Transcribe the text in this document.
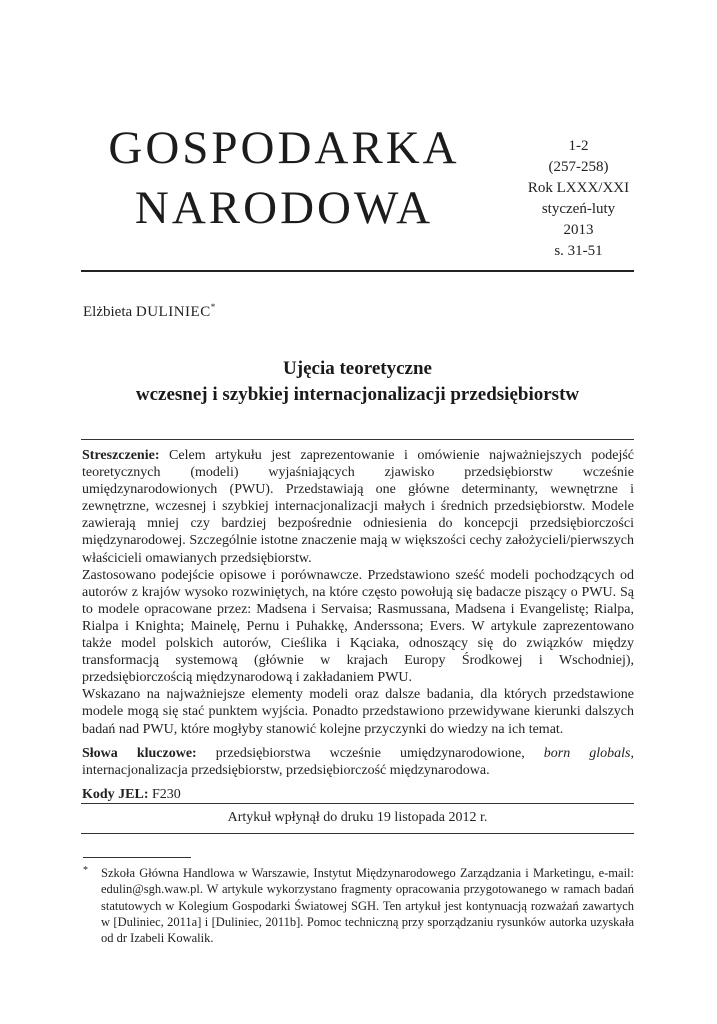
GOSPODARKA
NARODOWA
1-2
(257-258)
Rok LXXX/XXI
styczeń-luty
2013
s. 31-51
Elżbieta DULINIEC*
Ujęcia teoretyczne
wczesnej i szybkiej internacjonalizacji przedsiębiorstw

Streszczenie: Celem artykułu jest zaprezentowanie i omówienie najważniejszych podejść teoretycznych (modeli) wyjaśniających zjawisko przedsiębiorstw wcześnie umiędzynarodowionych (PWU). Przedstawiają one główne determinanty, wewnętrzne i zewnętrzne, wczesnej i szybkiej internacjonalizacji małych i średnich przedsiębiorstw. Modele zawierają mniej czy bardziej bezpośrednie odniesienia do koncepcji przedsiębiorczości międzynarodowej. Szczególnie istotne znaczenie mają w większości cechy założycieli/pierwszych właścicieli omawianych przedsiębiorstw.

Zastosowano podejście opisowe i porównawcze. Przedstawiono sześć modeli pochodzących od autorów z krajów wysoko rozwiniętych, na które często powołują się badacze piszący o PWU. Są to modele opracowane przez: Madsena i Servaisa; Rasmussana, Madsena i Evangelistę; Rialpa, Rialpa i Knighta; Mainelę, Pernu i Puhakkę, Anderssona; Evers. W artykule zaprezentowano także model polskich autorów, Cieślika i Kąciaka, odnoszący się do związków między transformacją systemową (głównie w krajach Europy Środkowej i Wschodniej), przedsiębiorczością międzynarodową i zakładaniem PWU.

Wskazano na najważniejsze elementy modeli oraz dalsze badania, dla których przedstawione modele mogą się stać punktem wyjścia. Ponadto przedstawiono przewidywane kierunki dalszych badań nad PWU, które mogłyby stanowić kolejne przyczynki do wiedzy na ich temat.

Słowa kluczowe: przedsiębiorstwa wcześnie umiędzynarodowione, born globals, internacjonalizacja przedsiębiorstw, przedsiębiorczość międzynarodowa.

Kody JEL: F230

Artykuł wpłynął do druku 19 listopada 2012 r.
* Szkoła Główna Handlowa w Warszawie, Instytut Międzynarodowego Zarządzania i Marketingu, e-mail: edulin@sgh.waw.pl. W artykule wykorzystano fragmenty opracowania przygotowanego w ramach badań statutowych w Kolegium Gospodarki Światowej SGH. Ten artykuł jest kontynuacją rozważań zawartych w [Duliniec, 2011a] i [Duliniec, 2011b]. Pomoc techniczną przy sporządzaniu rysunków autorka uzyskała od dr Izabeli Kowalik.
